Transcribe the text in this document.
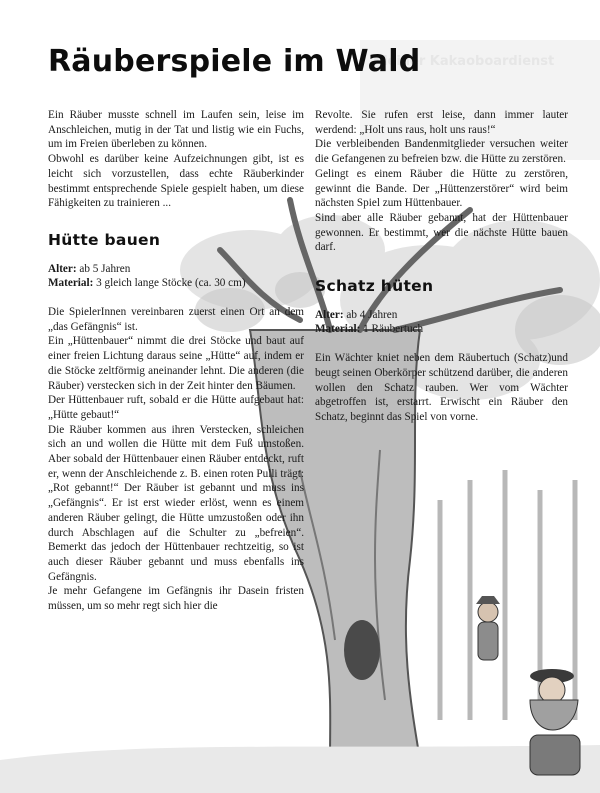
Räuberspiele im Wald
Kleiner Kakaoboardienst

Ein Räuber musste schnell im Laufen sein, leise im Anschleichen, mutig in der Tat und listig wie ein Fuchs, um im Freien überleben zu können.

Obwohl es darüber keine Aufzeichnungen gibt, ist es leicht sich vorzustellen, dass echte Räuberkinder bestimmt entsprechende Spiele gespielt haben, um diese Fähigkeiten zu trainieren ...

Hütte bauen

Alter: ab 5 Jahren

Material: 3 gleich lange Stöcke (ca. 30 cm)

Die SpielerInnen vereinbaren zuerst einen Ort an dem „das Gefängnis“ ist.

Ein „Hüttenbauer“ nimmt die drei Stöcke und baut auf einer freien Lichtung daraus seine „Hütte“ auf, indem er die Stöcke zeltförmig aneinander lehnt. Die anderen (die Räuber) verstecken sich in der Zeit hinter den Bäumen.

Der Hüttenbauer ruft, sobald er die Hütte aufgebaut hat: „Hütte gebaut!“

Die Räuber kommen aus ihren Verstecken, schleichen sich an und wollen die Hütte mit dem Fuß umstoßen. Aber sobald der Hüttenbauer einen Räuber entdeckt, ruft er, wenn der Anschleichende z. B. einen roten Pulli trägt: „Rot gebannt!“ Der Räuber ist gebannt und muss ins „Gefängnis“. Er ist erst wieder erlöst, wenn es einem anderen Räuber gelingt, die Hütte umzustoßen oder ihn durch Abschlagen auf die Schulter zu „befreien“. Bemerkt das jedoch der Hüttenbauer rechtzeitig, so ist auch dieser Räuber gebannt und muss ebenfalls ins Gefängnis.

Je mehr Gefangene im Gefängnis ihr Dasein fristen müssen, um so mehr regt sich hier die

Revolte. Sie rufen erst leise, dann immer lauter werdend: „Holt uns raus, holt uns raus!“

Die verbleibenden Bandenmitglieder versuchen weiter die Gefangenen zu befreien bzw. die Hütte zu zerstören.

Gelingt es einem Räuber die Hütte zu zerstören, gewinnt die Bande. Der „Hüttenzerstörer“ wird beim nächsten Spiel zum Hüttenbauer.

Sind aber alle Räuber gebannt, hat der Hüttenbauer gewonnen. Er bestimmt, wer die nächste Hütte bauen darf.

Schatz hüten

Alter: ab 4 Jahren

Material: 1 Räubertuch

Ein Wächter kniet neben dem Räubertuch (Schatz)und beugt seinen Oberkörper schützend darüber, die anderen wollen den Schatz rauben. Wer vom Wächter abgetroffen ist, erstarrt. Erwischt ein Räuber den Schatz, beginnt das Spiel von vorne.
